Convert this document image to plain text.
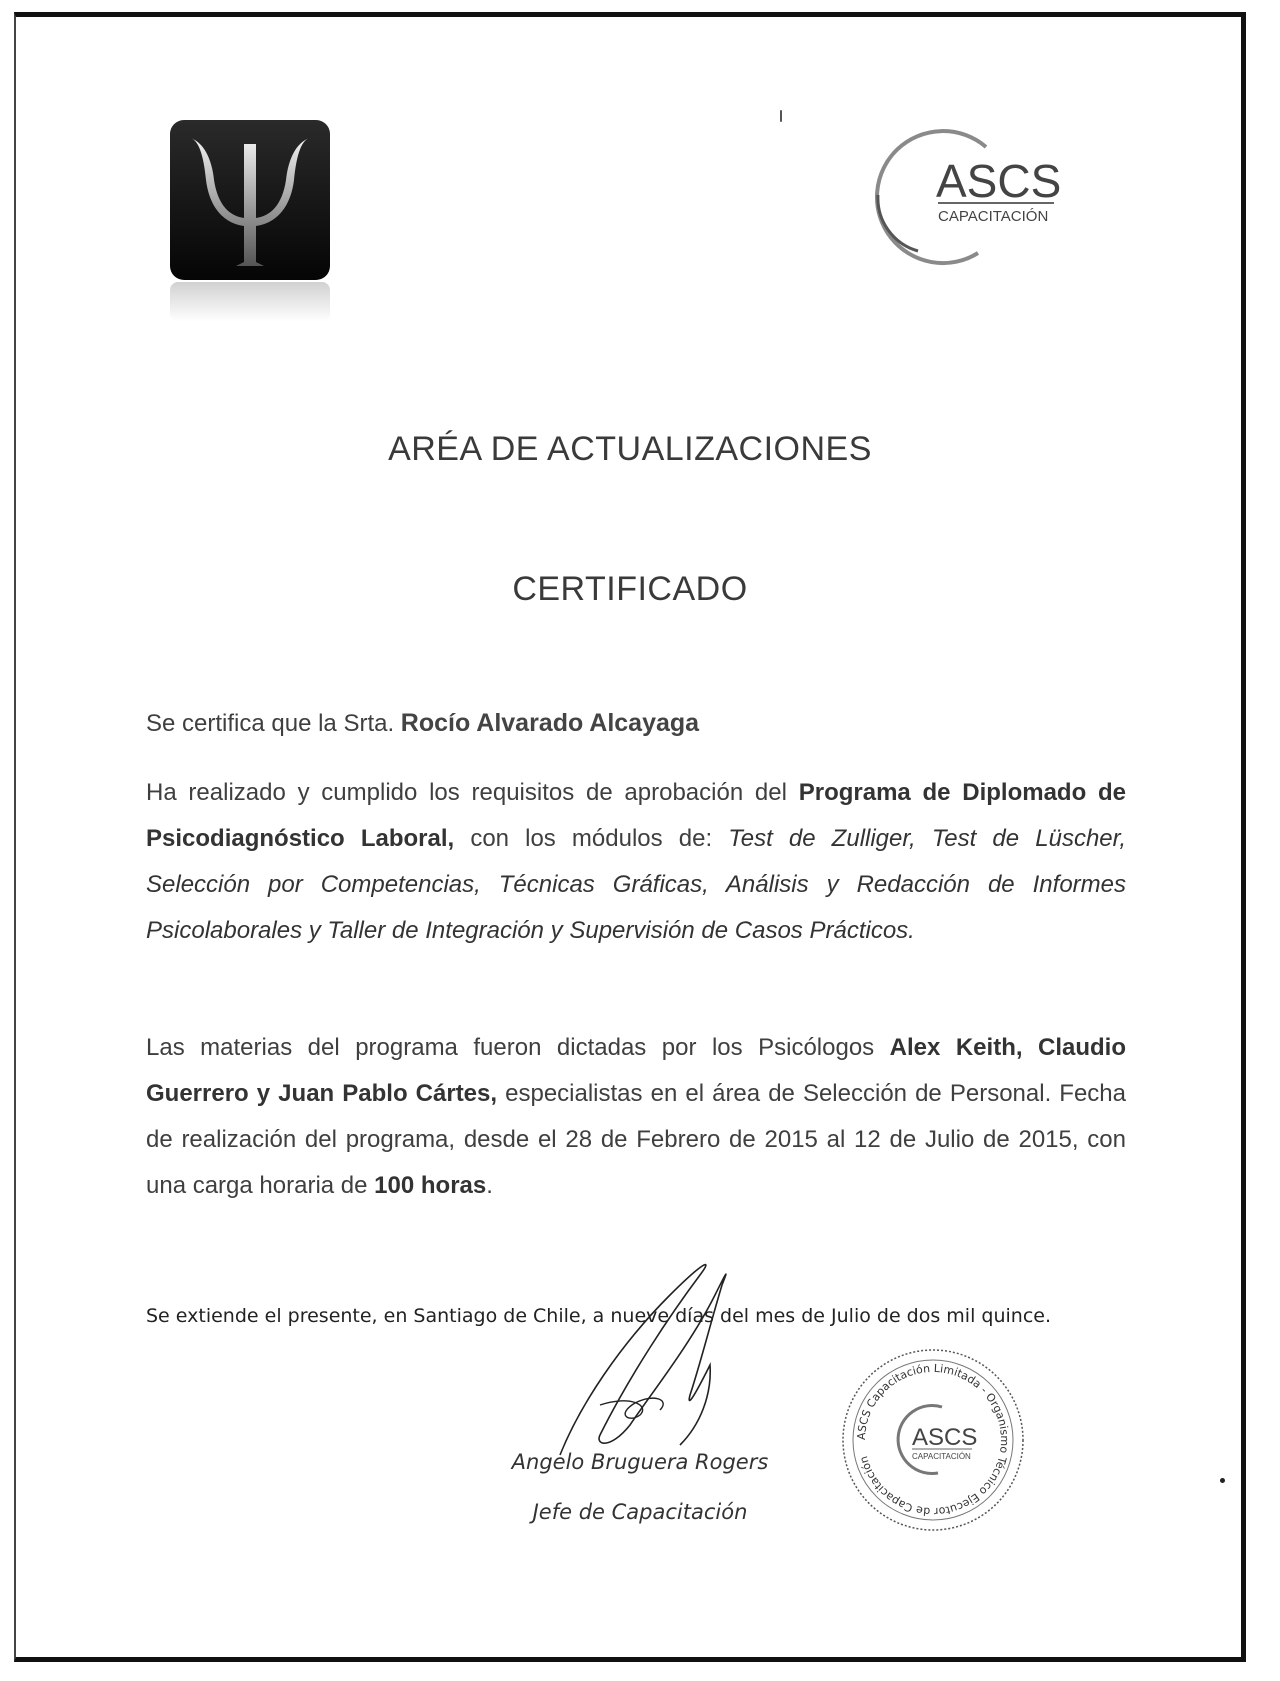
ASCS
CAPACITACIÓN
ARÉA DE ACTUALIZACIONES
CERTIFICADO
Se certifica que la Srta. Rocío Alvarado Alcayaga
Ha realizado y cumplido los requisitos de aprobación del Programa de Diplomado de Psicodiagnóstico Laboral, con los módulos de: Test de Zulliger, Test de Lüscher, Selección por Competencias, Técnicas Gráficas, Análisis y Redacción de Informes Psicolaborales y Taller de Integración y Supervisión de Casos Prácticos.
Las materias del programa fueron dictadas por los Psicólogos Alex Keith, Claudio Guerrero y Juan Pablo Cártes, especialistas en el área de Selección de Personal. Fecha de realización del programa, desde el 28 de Febrero de 2015 al 12 de Julio de 2015, con una carga horaria de 100 horas.
Se extiende el presente, en Santiago de Chile, a nueve días del mes de Julio de dos mil quince.
Angelo Bruguera Rogers
Jefe de Capacitación
ASCS Capacitación Limitada - Organismo Técnico Ejecutor de Capacitación
ASCS
CAPACITACIÓN
